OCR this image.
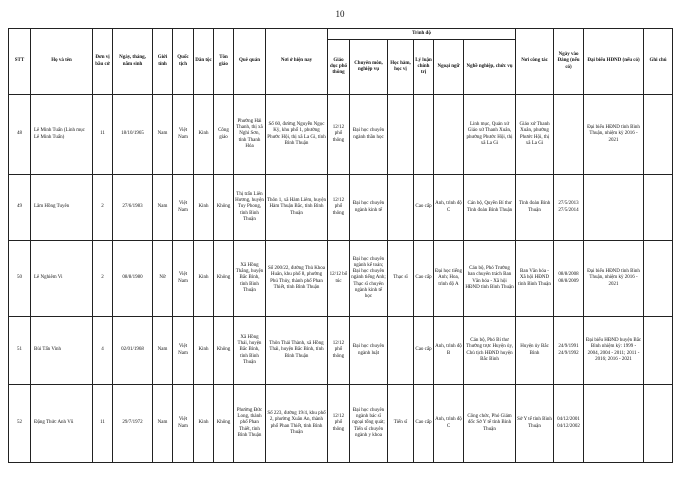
10
STT	Họ và tên	Đơn vị bầu cử	Ngày, tháng, năm sinh	Giới tính	Quốc tịch	Dân tộc	Tôn giáo	Quê quán	Nơi ở hiện nay	Trình độ						Nơi công tác	Ngày vào Đảng (nếu có)	Đại biểu HĐND (nếu có)	Ghi chú
										Giáo dục phổ thông	Chuyên môn, nghiệp vụ	Học hàm, học vị	Lý luận chính trị	Ngoại ngữ	Nghề nghiệp, chức vụ				
48	Lê Minh Tuấn (Linh mục Lê Minh Tuấn)	11	18/10/1965	Nam	Việt Nam	Kinh	Công giáo	Phường Hải Thanh, thị xã Nghi Sơn, tỉnh Thanh Hóa	Số 60, đường Nguyễn Ngọc Kỳ, khu phố 1, phường Phước Hội, thị xã La Gi, tỉnh Bình Thuận	12/12 phổ thông	Đại học chuyên ngành thần học				Linh mục, Quản xứ Giáo xứ Thanh Xuân, phường Phước Hội, thị xã La Gi	Giáo xứ Thanh Xuân, phường Phước Hội, thị xã La Gi		Đại biểu HĐND tỉnh Bình Thuận, nhiệm kỳ 2016 - 2021	
49	Lâm Hồng Tuyên	2	27/6/1983	Nam	Việt Nam	Kinh	Không	Thị trấn Liên Hương, huyện Tuy Phong, tỉnh Bình Thuận	Thôn 1, xã Hàm Liêm, huyện Hàm Thuận Bắc, tỉnh Bình Thuận	12/12 phổ thông	Đại học chuyên ngành kinh tế		Cao cấp	Anh, trình độ C	Cán bộ, Quyền Bí thư Tỉnh đoàn Bình Thuận	Tỉnh đoàn Bình Thuận	27/5/2013 27/5/2014		
50	Lê Nghiêm Vi	2	08/8/1980	Nữ	Việt Nam	Kinh	Không	Xã Hồng Thắng, huyện Bắc Bình, tỉnh Bình Thuận	Số 200/22, đường Thủ Khoa Huân, khu phố 8, phường Phú Thủy, thành phố Phan Thiết, tỉnh Bình Thuận	12/12 bổ túc	Đại học chuyên ngành kế toán; Đại học chuyên ngành tiếng Anh; Thạc sĩ chuyên ngành kinh tế học	Thạc sĩ	Cao cấp	Đại học tiếng Anh; Hoa, trình độ A	Cán bộ, Phó Trưởng ban chuyên trách Ban Văn hóa - Xã hội HĐND tỉnh Bình Thuận	Ban Văn hóa - Xã hội HĐND tỉnh Bình Thuận	08/8/2008 08/8/2009	Đại biểu HĐND tỉnh Bình Thuận, nhiệm kỳ 2016 - 2021	
51	Bùi Tấn Vinh	4	02/01/1968	Nam	Việt Nam	Kinh	Không	Xã Hồng Thái, huyện Bắc Bình, tỉnh Bình Thuận	Thôn Thái Thành, xã Hồng Thái, huyện Bắc Bình, tỉnh Bình Thuận	12/12 phổ thông	Đại học chuyên ngành luật		Cao cấp	Anh, trình độ B	Cán bộ, Phó Bí thư Thường trực Huyện ủy, Chủ tịch HĐND huyện Bắc Bình	Huyện ủy Bắc Bình	24/9/1991 24/9/1992	Đại biểu HĐND huyện Bắc Bình nhiệm kỳ: 1999 - 2004, 2004 - 2011; 2011 - 2016; 2016 - 2021	
52	Đặng Thức Anh Vũ	11	29/7/1972	Nam	Việt Nam	Kinh	Không	Phường Đức Long, thành phố Phan Thiết, tỉnh Bình Thuận	Số 223, đường 19/4, khu phố 2, phường Xuân An, thành phố Phan Thiết, tỉnh Bình Thuận	12/12 phổ thông	Đại học chuyên ngành bác sĩ ngoại tổng quát; Tiến sĩ chuyên ngành y khoa	Tiến sĩ	Cao cấp	Anh, trình độ C	Công chức, Phó Giám đốc Sở Y tế tỉnh Bình Thuận	Sở Y tế tỉnh Bình Thuận	04/12/2001 04/12/2002		
